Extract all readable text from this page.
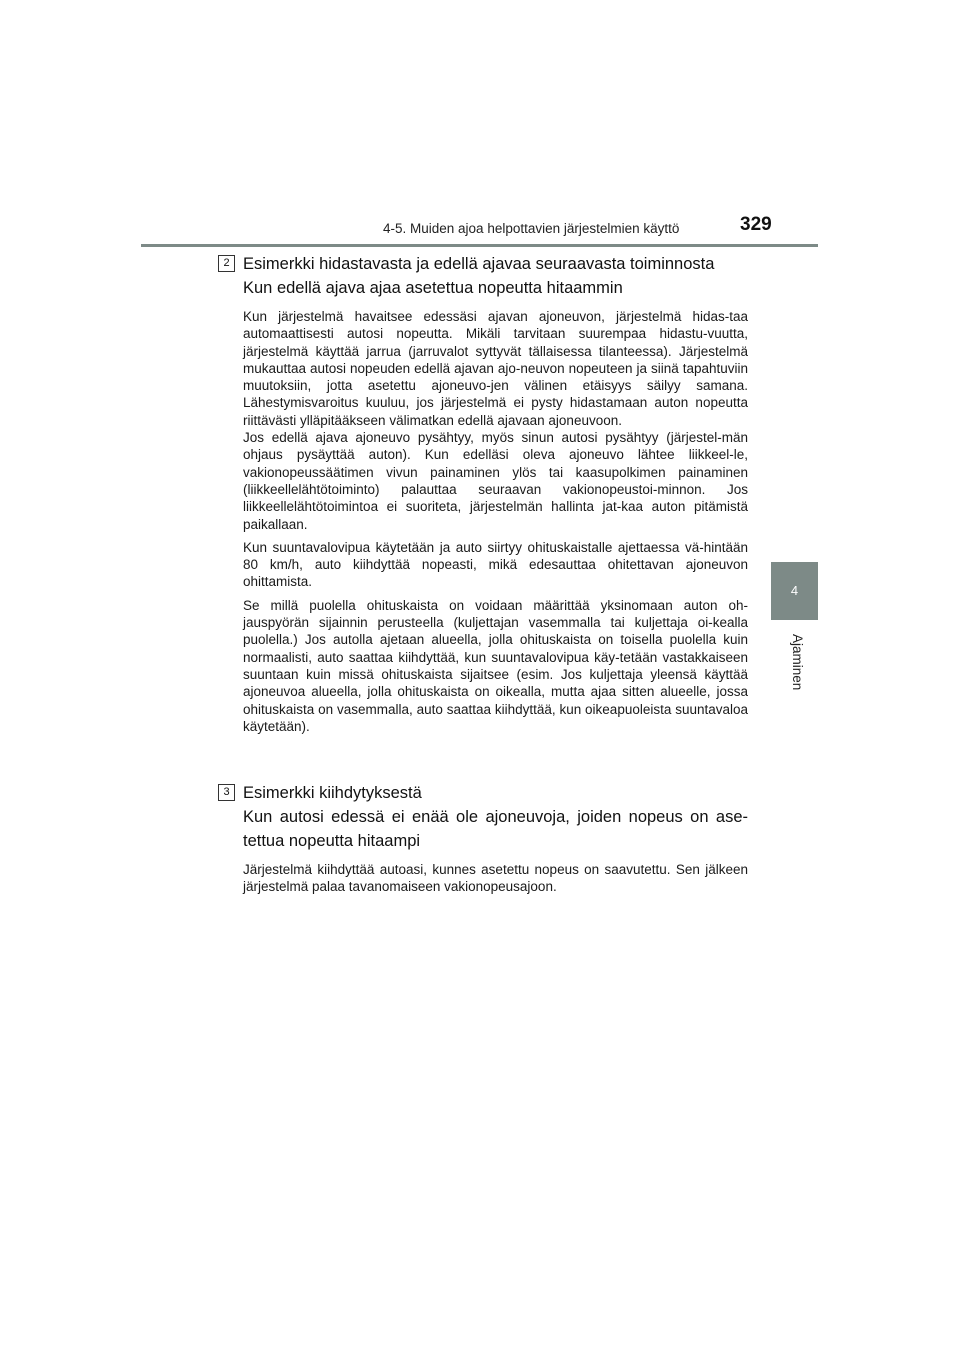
4-5. Muiden ajoa helpottavien järjestelmien käyttö	329
4
Ajaminen
2 Esimerkki hidastavasta ja edellä ajavaa seuraavasta toiminnosta
Kun edellä ajava ajaa asetettua nopeutta hitaammin

Kun järjestelmä havaitsee edessäsi ajavan ajoneuvon, järjestelmä hidas-taa automaattisesti autosi nopeutta. Mikäli tarvitaan suurempaa hidastu-vuutta, järjestelmä käyttää jarrua (jarruvalot syttyvät tällaisessa tilanteessa). Järjestelmä mukauttaa autosi nopeuden edellä ajavan ajo-neuvon nopeuteen ja siinä tapahtuviin muutoksiin, jotta asetettu ajoneuvo-jen välinen etäisyys säilyy samana. Lähestymisvaroitus kuuluu, jos järjestelmä ei pysty hidastamaan auton nopeutta riittävästi ylläpitääkseen välimatkan edellä ajavaan ajoneuvoon.

Jos edellä ajava ajoneuvo pysähtyy, myös sinun autosi pysähtyy (järjestel-män ohjaus pysäyttää auton). Kun edelläsi oleva ajoneuvo lähtee liikkeel-le, vakionopeussäätimen vivun painaminen ylös tai kaasupolkimen painaminen (liikkeellelähtötoiminto) palauttaa seuraavan vakionopeustoi-minnon. Jos liikkeellelähtötoimintoa ei suoriteta, järjestelmän hallinta jat-kaa auton pitämistä paikallaan.

Kun suuntavalovipua käytetään ja auto siirtyy ohituskaistalle ajettaessa vä-hintään 80 km/h, auto kiihdyttää nopeasti, mikä edesauttaa ohitettavan ajoneuvon ohittamista.

Se millä puolella ohituskaista on voidaan määrittää yksinomaan auton oh-jauspyörän sijainnin perusteella (kuljettajan vasemmalla tai kuljettaja oi-kealla puolella.) Jos autolla ajetaan alueella, jolla ohituskaista on toisella puolella kuin normaalisti, auto saattaa kiihdyttää, kun suuntavalovipua käy-tetään vastakkaiseen suuntaan kuin missä ohituskaista sijaitsee (esim. Jos kuljettaja yleensä käyttää ajoneuvoa alueella, jolla ohituskaista on oikealla, mutta ajaa sitten alueelle, jossa ohituskaista on vasemmalla, auto saattaa kiihdyttää, kun oikeapuoleista suuntavaloa käytetään).

3 Esimerkki kiihdytyksestä
Kun autosi edessä ei enää ole ajoneuvoja, joiden nopeus on ase-tettua nopeutta hitaampi

Järjestelmä kiihdyttää autoasi, kunnes asetettu nopeus on saavutettu. Sen jälkeen järjestelmä palaa tavanomaiseen vakionopeusajoon.
